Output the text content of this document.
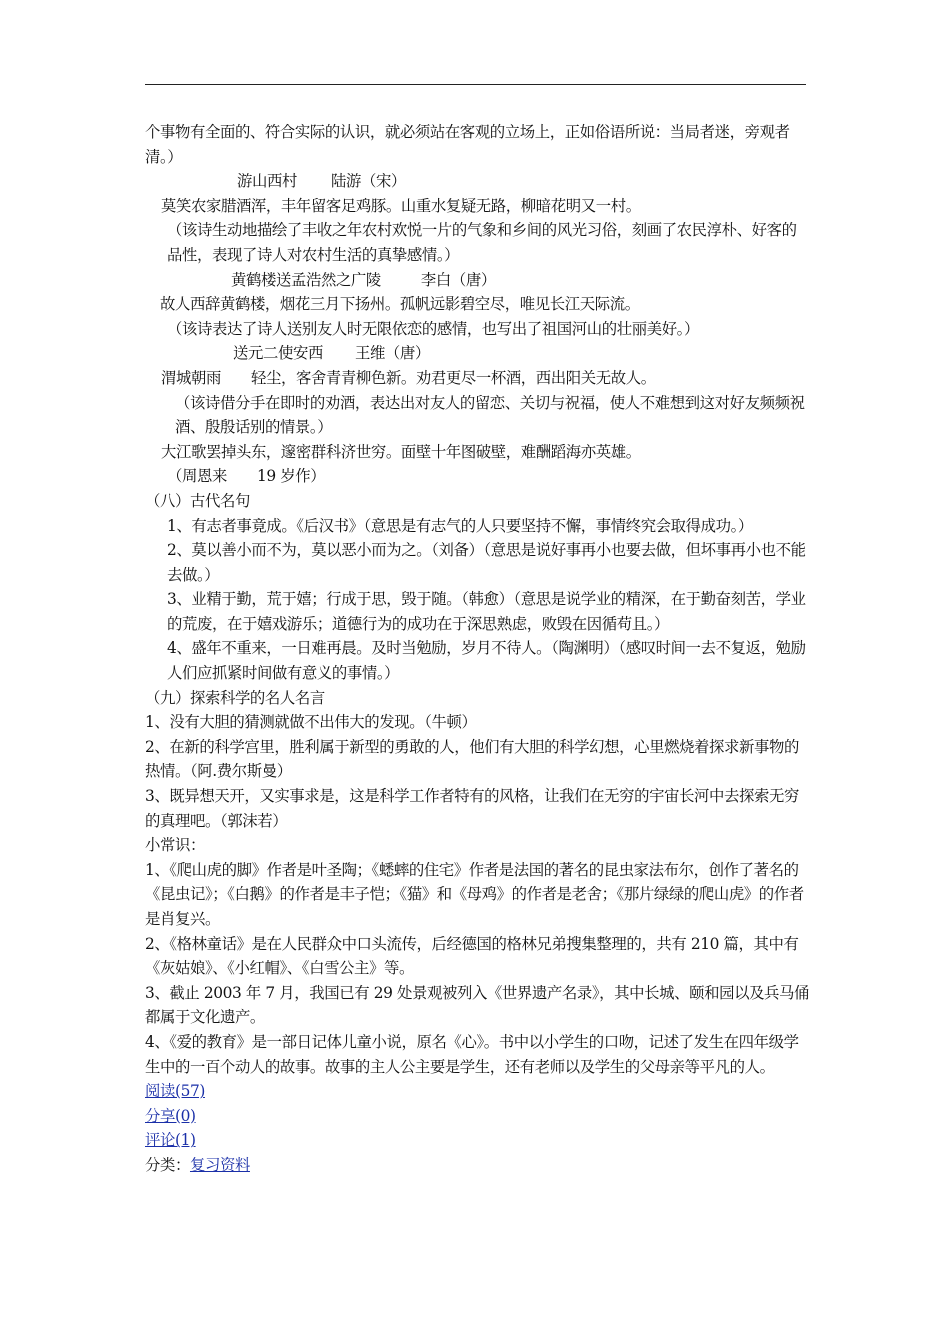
个事物有全面的、符合实际的认识，就必须站在客观的立场上，正如俗语所说：当局者迷，旁观者清。）

游山西村 陆游（宋）

莫笑农家腊酒浑，丰年留客足鸡豚。山重水复疑无路，柳暗花明又一村。

（该诗生动地描绘了丰收之年农村欢悦一片的气象和乡间的风光习俗，刻画了农民淳朴、好客的品性，表现了诗人对农村生活的真挚感情。）

黄鹤楼送孟浩然之广陵	李白（唐）

故人西辞黄鹤楼，烟花三月下扬州。孤帆远影碧空尽，唯见长江天际流。

（该诗表达了诗人送别友人时无限依恋的感情，也写出了祖国河山的壮丽美好。）

送元二使安西 王维（唐）

渭城朝雨 轻尘，客舍青青柳色新。劝君更尽一杯酒，西出阳关无故人。

（该诗借分手在即时的劝酒，表达出对友人的留恋、关切与祝福，使人不难想到这对好友频频祝酒、殷殷话别的情景。）

大江歌罢掉头东，邃密群科济世穷。面壁十年图破壁，难酬蹈海亦英雄。

（周恩来 19 岁作）

（八）古代名句

1、有志者事竟成。《后汉书》（意思是有志气的人只要坚持不懈，事情终究会取得成功。）

2、莫以善小而不为，莫以恶小而为之。（刘备）（意思是说好事再小也要去做，但坏事再小也不能去做。）

3、业精于勤，荒于嬉；行成于思，毁于随。（韩愈）（意思是说学业的精深，在于勤奋刻苦，学业的荒废，在于嬉戏游乐；道德行为的成功在于深思熟虑，败毁在因循苟且。）

4、盛年不重来，一日难再晨。及时当勉励，岁月不待人。（陶渊明）（感叹时间一去不复返，勉励人们应抓紧时间做有意义的事情。）

（九）探索科学的名人名言

1、没有大胆的猜测就做不出伟大的发现。（牛顿）

2、在新的科学宫里，胜利属于新型的勇敢的人，他们有大胆的科学幻想，心里燃烧着探求新事物的热情。（阿.费尔斯曼）

3、既异想天开，又实事求是，这是科学工作者特有的风格，让我们在无穷的宇宙长河中去探索无穷的真理吧。（郭沫若）

小常识：

1、《爬山虎的脚》作者是叶圣陶；《蟋蟀的住宅》作者是法国的著名的昆虫家法布尔，创作了著名的《昆虫记》；《白鹅》的作者是丰子恺；《猫》和《母鸡》的作者是老舍；《那片绿绿的爬山虎》的作者是肖复兴。

2、《格林童话》是在人民群众中口头流传，后经德国的格林兄弟搜集整理的，共有 210 篇，其中有《灰姑娘》、《小红帽》、《白雪公主》等。

3、截止 2003 年 7 月，我国已有 29 处景观被列入《世界遗产名录》，其中长城、颐和园以及兵马俑都属于文化遗产。

4、《爱的教育》是一部日记体儿童小说，原名《心》。书中以小学生的口吻，记述了发生在四年级学生中的一百个动人的故事。故事的主人公主要是学生，还有老师以及学生的父母亲等平凡的人。

阅读(57)

分享(0)

评论(1)

分类：复习资料
